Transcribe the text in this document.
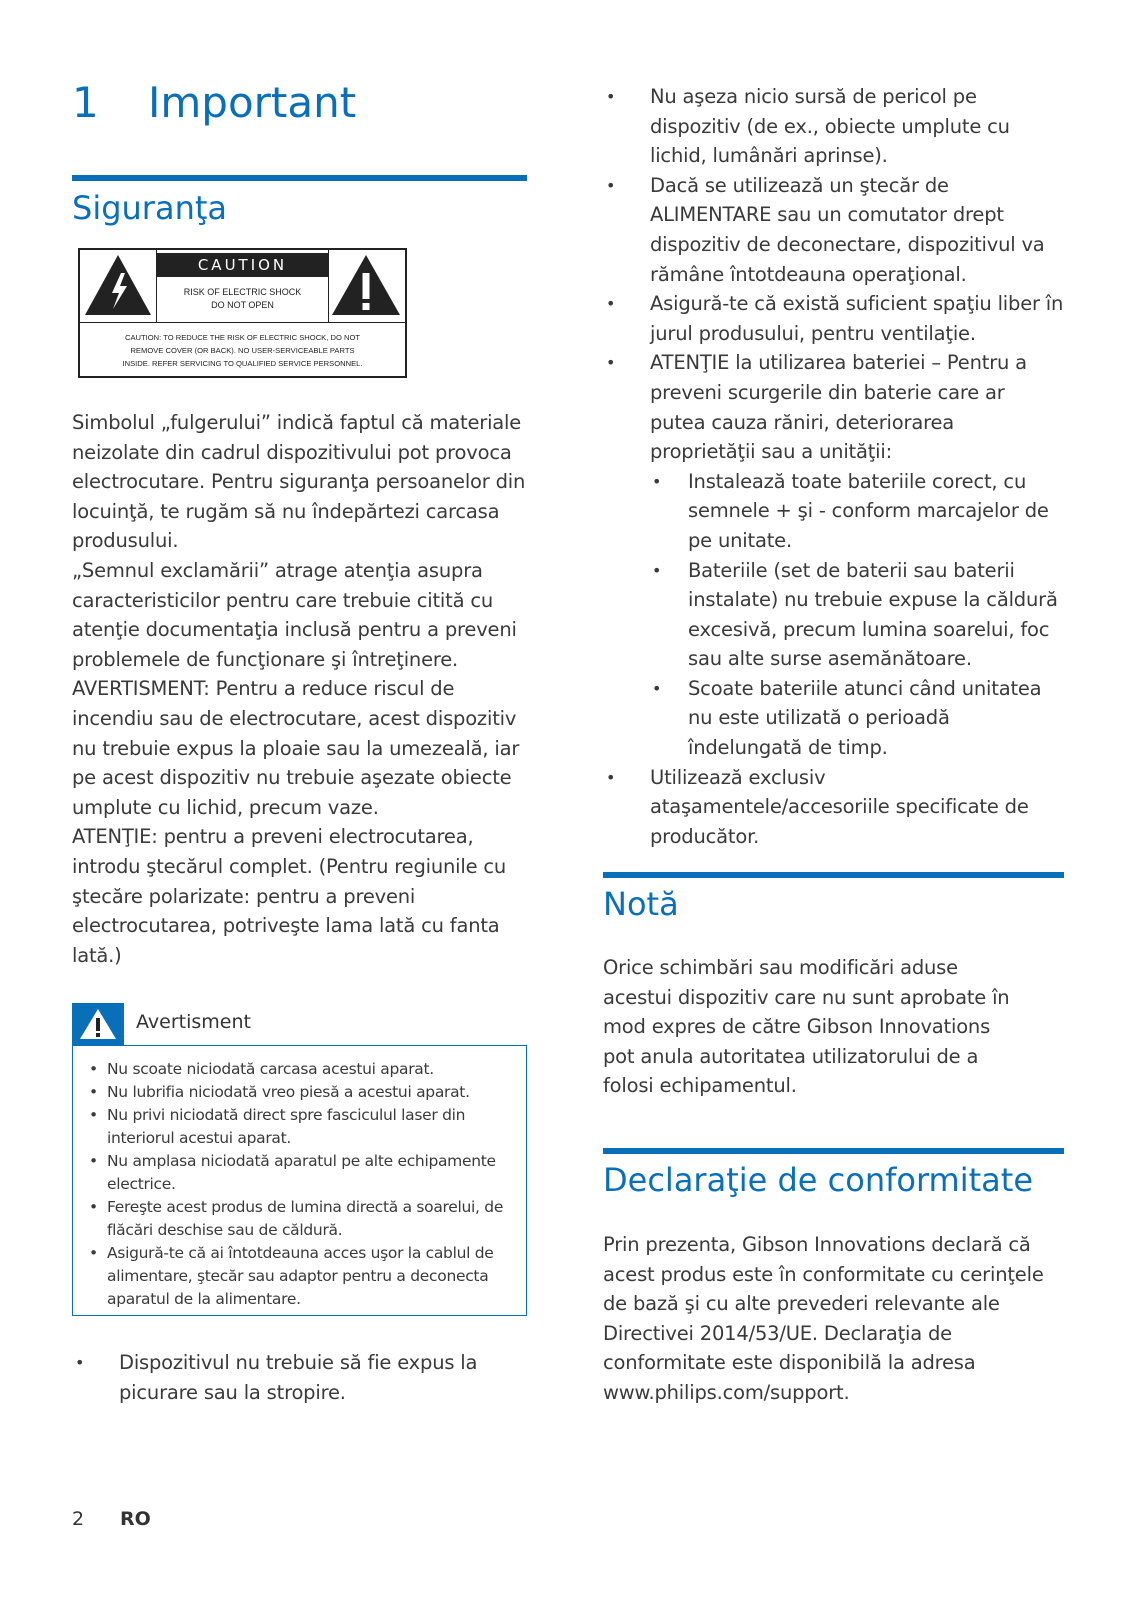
1 Important
Siguranţa
CAUTION
RISK OF ELECTRIC SHOCK
DO NOT OPEN
CAUTION: TO REDUCE THE RISK OF ELECTRIC SHOCK, DO NOT
REMOVE COVER (OR BACK). NO USER-SERVICEABLE PARTS
INSIDE. REFER SERVICING TO QUALIFIED SERVICE PERSONNEL.

Simbolul „fulgerului” indică faptul că materiale neizolate din cadrul dispozitivului pot provoca electrocutare. Pentru siguranţa persoanelor din locuinţă, te rugăm să nu îndepărtezi carcasa produsului.

„Semnul exclamării” atrage atenţia asupra caracteristicilor pentru care trebuie citită cu atenţie documentaţia inclusă pentru a preveni problemele de funcţionare şi întreţinere.

AVERTISMENT: Pentru a reduce riscul de incendiu sau de electrocutare, acest dispozitiv nu trebuie expus la ploaie sau la umezeală, iar pe acest dispozitiv nu trebuie aşezate obiecte umplute cu lichid, precum vaze.

ATENŢIE: pentru a preveni electrocutarea, introdu ştecărul complet. (Pentru regiunile cu ştecăre polarizate: pentru a preveni electrocutarea, potriveşte lama lată cu fanta lată.)

Avertisment
• Nu scoate niciodată carcasa acestui aparat.
• Nu lubrifia niciodată vreo piesă a acestui aparat.
• Nu privi niciodată direct spre fasciculul laser din interiorul acestui aparat.
• Nu amplasa niciodată aparatul pe alte echipamente electrice.
• Fereşte acest produs de lumina directă a soarelui, de flăcări deschise sau de căldură.
• Asigură-te că ai întotdeauna acces uşor la cablul de alimentare, ştecăr sau adaptor pentru a deconecta aparatul de la alimentare.
• Dispozitivul nu trebuie să fie expus la picurare sau la stropire.
• Nu aşeza nicio sursă de pericol pe dispozitiv (de ex., obiecte umplute cu lichid, lumânări aprinse).
• Dacă se utilizează un ştecăr de ALIMENTARE sau un comutator drept dispozitiv de deconectare, dispozitivul va rămâne întotdeauna operaţional.
• Asigură-te că există suficient spaţiu liber în jurul produsului, pentru ventilaţie.
• ATENŢIE la utilizarea bateriei – Pentru a preveni scurgerile din baterie care ar putea cauza răniri, deteriorarea proprietăţii sau a unităţii:
• Instalează toate bateriile corect, cu semnele + şi - conform marcajelor de pe unitate.
• Bateriile (set de baterii sau baterii instalate) nu trebuie expuse la căldură excesivă, precum lumina soarelui, foc sau alte surse asemănătoare.
• Scoate bateriile atunci când unitatea nu este utilizată o perioadă îndelungată de timp.
• Utilizează exclusiv ataşamentele/accesoriile specificate de producător.
Notă

Orice schimbări sau modificări aduse acestui dispozitiv care nu sunt aprobate în mod expres de către Gibson Innovations pot anula autoritatea utilizatorului de a folosi echipamentul.

Declaraţie de conformitate

Prin prezenta, Gibson Innovations declară că acest produs este în conformitate cu cerinţele de bază şi cu alte prevederi relevante ale Directivei 2014/53/UE. Declaraţia de conformitate este disponibilă la adresa www.philips.com/support.

2 RO
